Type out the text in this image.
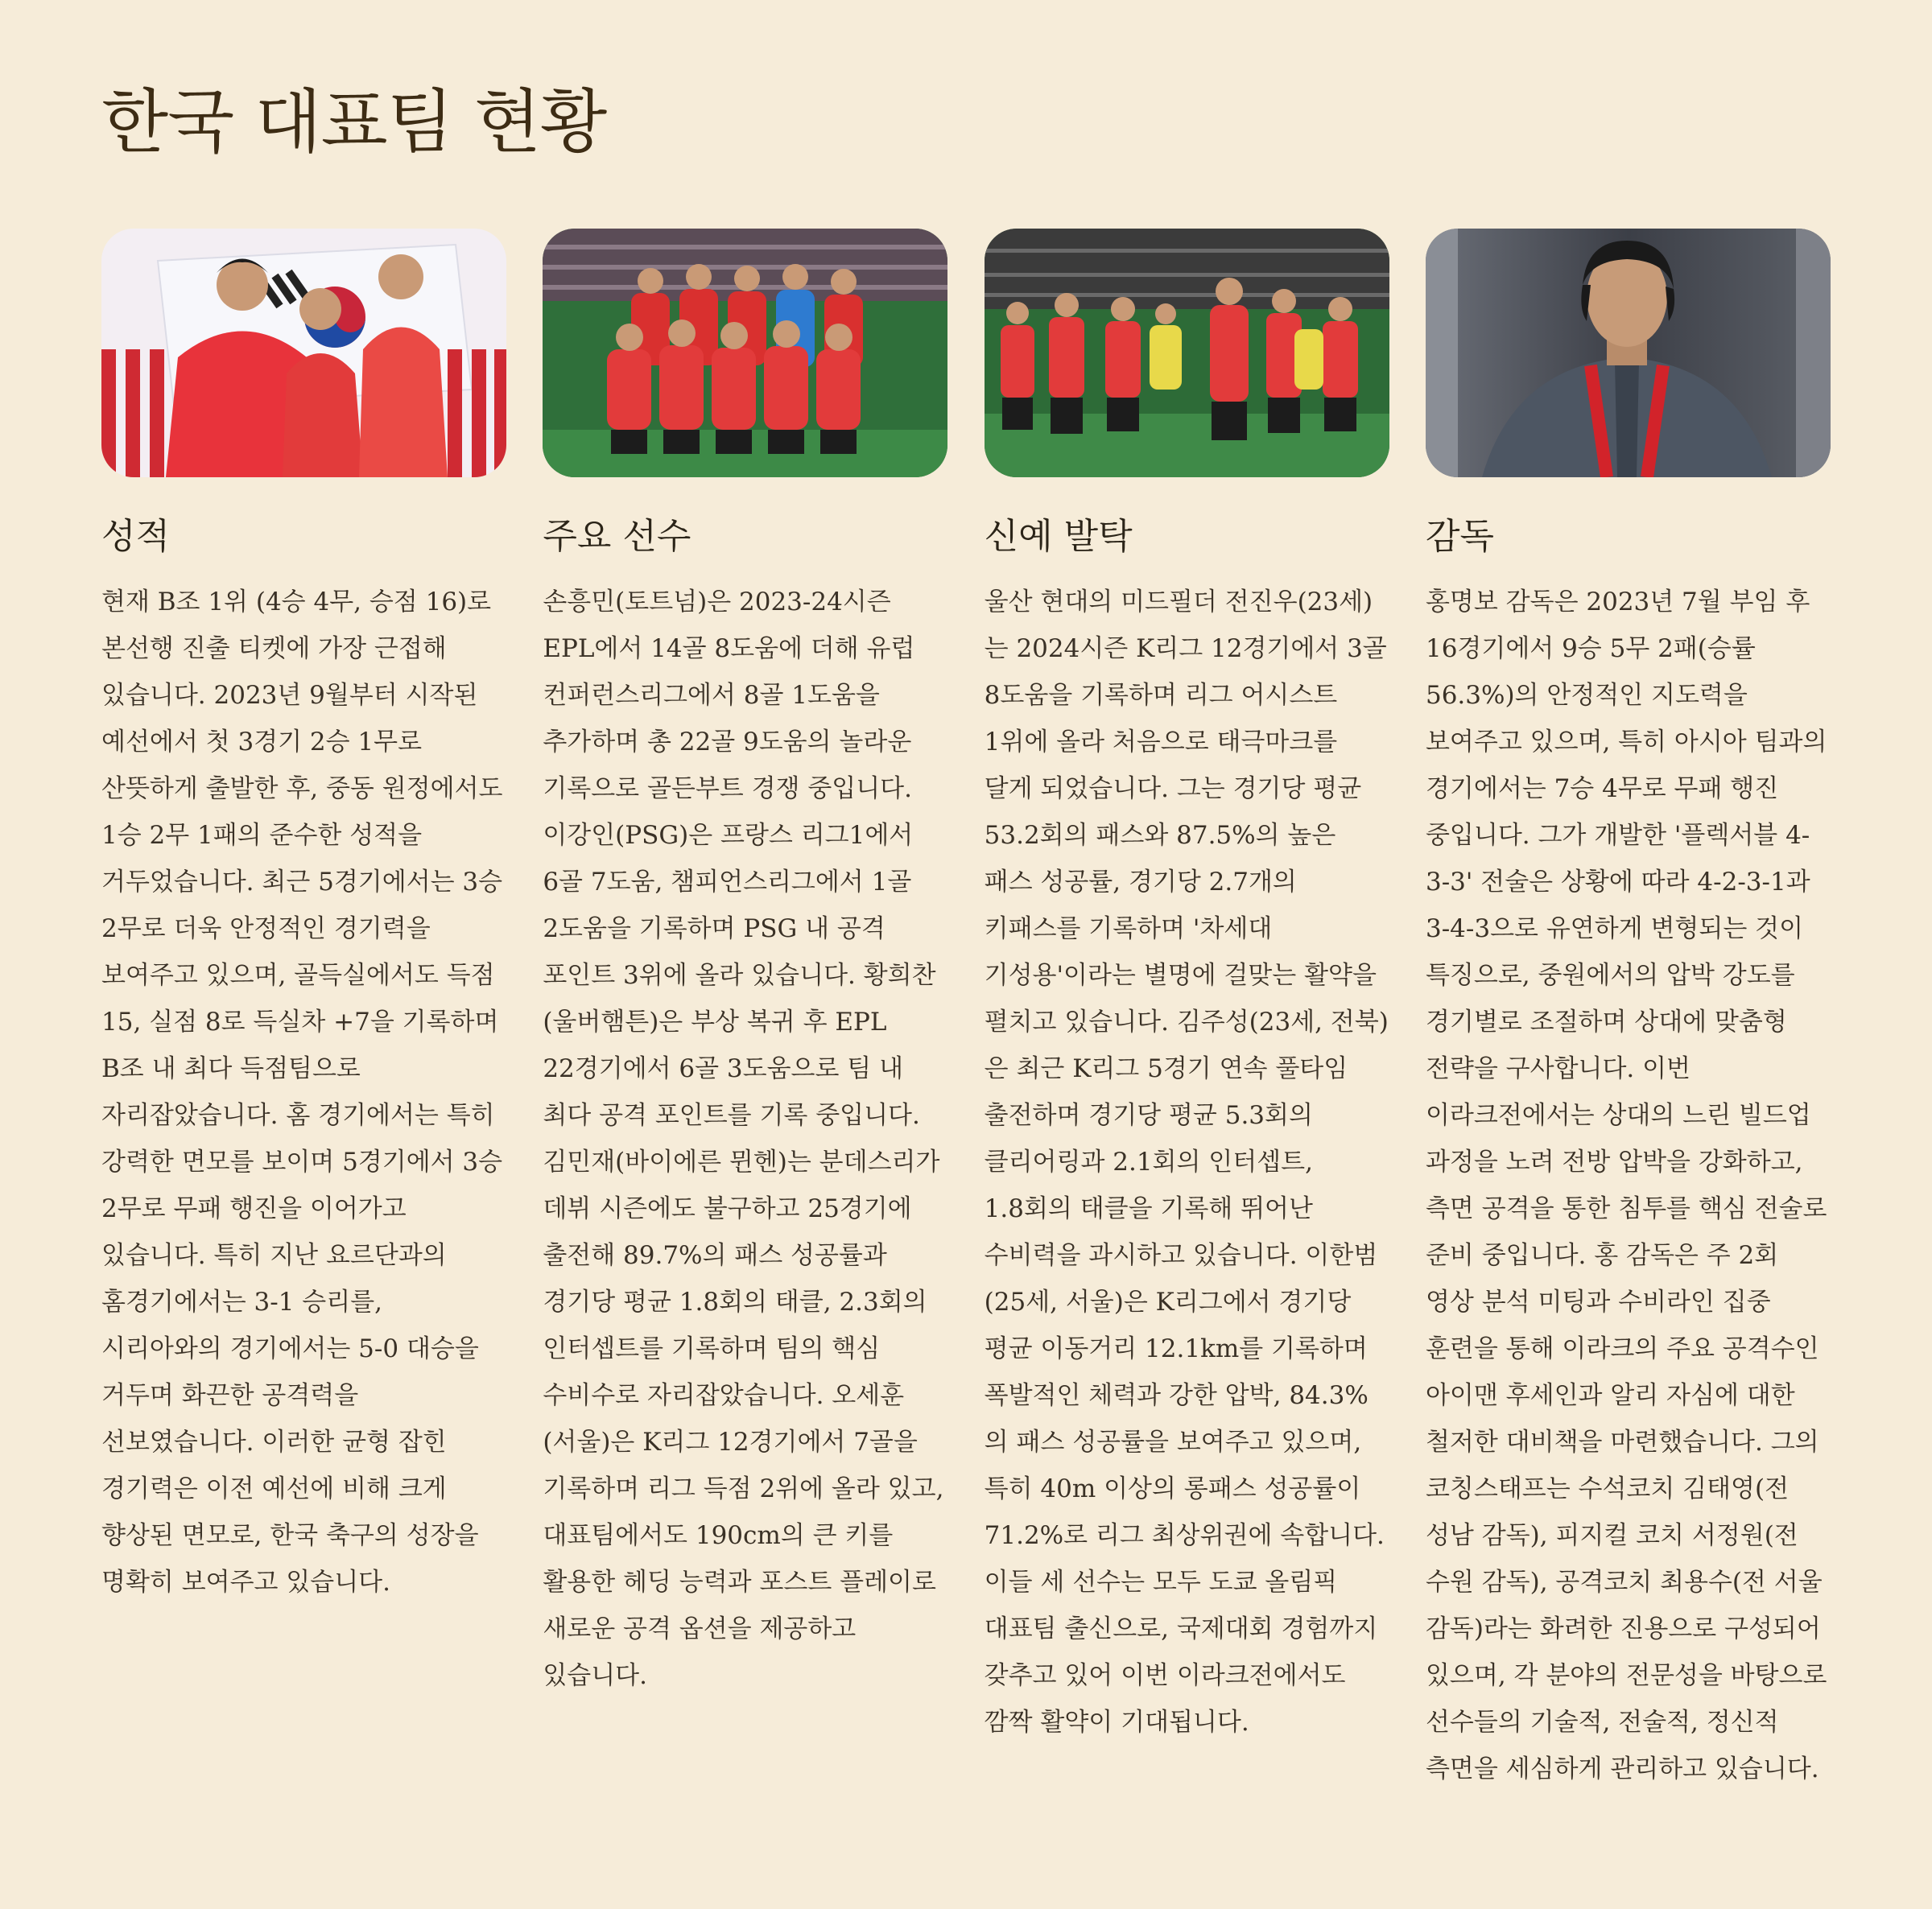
한국 대표팀 현황
성적

현재 B조 1위 (4승 4무, 승점 16)로 본선행 진출 티켓에 가장 근접해 있습니다. 2023년 9월부터 시작된 예선에서 첫 3경기 2승 1무로 산뜻하게 출발한 후, 중동 원정에서도 1승 2무 1패의 준수한 성적을 거두었습니다. 최근 5경기에서는 3승 2무로 더욱 안정적인 경기력을 보여주고 있으며, 골득실에서도 득점 15, 실점 8로 득실차 +7을 기록하며 B조 내 최다 득점팀으로 자리잡았습니다. 홈 경기에서는 특히 강력한 면모를 보이며 5경기에서 3승 2무로 무패 행진을 이어가고 있습니다. 특히 지난 요르단과의 홈경기에서는 3-1 승리를, 시리아와의 경기에서는 5-0 대승을 거두며 화끈한 공격력을 선보였습니다. 이러한 균형 잡힌 경기력은 이전 예선에 비해 크게 향상된 면모로, 한국 축구의 성장을 명확히 보여주고 있습니다.

주요 선수

손흥민(토트넘)은 2023-24시즌 EPL에서 14골 8도움에 더해 유럽 컨퍼런스리그에서 8골 1도움을 추가하며 총 22골 9도움의 놀라운 기록으로 골든부트 경쟁 중입니다. 이강인(PSG)은 프랑스 리그1에서 6골 7도움, 챔피언스리그에서 1골 2도움을 기록하며 PSG 내 공격 포인트 3위에 올라 있습니다. 황희찬(울버햄튼)은 부상 복귀 후 EPL 22경기에서 6골 3도움으로 팀 내 최다 공격 포인트를 기록 중입니다. 김민재(바이에른 뮌헨)는 분데스리가 데뷔 시즌에도 불구하고 25경기에 출전해 89.7%의 패스 성공률과 경기당 평균 1.8회의 태클, 2.3회의 인터셉트를 기록하며 팀의 핵심 수비수로 자리잡았습니다. 오세훈(서울)은 K리그 12경기에서 7골을 기록하며 리그 득점 2위에 올라 있고, 대표팀에서도 190cm의 큰 키를 활용한 헤딩 능력과 포스트 플레이로 새로운 공격 옵션을 제공하고 있습니다.

신예 발탁

울산 현대의 미드필더 전진우(23세)는 2024시즌 K리그 12경기에서 3골 8도움을 기록하며 리그 어시스트 1위에 올라 처음으로 태극마크를 달게 되었습니다. 그는 경기당 평균 53.2회의 패스와 87.5%의 높은 패스 성공률, 경기당 2.7개의 키패스를 기록하며 '차세대 기성용'이라는 별명에 걸맞는 활약을 펼치고 있습니다. 김주성(23세, 전북)은 최근 K리그 5경기 연속 풀타임 출전하며 경기당 평균 5.3회의 클리어링과 2.1회의 인터셉트, 1.8회의 태클을 기록해 뛰어난 수비력을 과시하고 있습니다. 이한범(25세, 서울)은 K리그에서 경기당 평균 이동거리 12.1km를 기록하며 폭발적인 체력과 강한 압박, 84.3%의 패스 성공률을 보여주고 있으며, 특히 40m 이상의 롱패스 성공률이 71.2%로 리그 최상위권에 속합니다. 이들 세 선수는 모두 도쿄 올림픽 대표팀 출신으로, 국제대회 경험까지 갖추고 있어 이번 이라크전에서도 깜짝 활약이 기대됩니다.

감독

홍명보 감독은 2023년 7월 부임 후 16경기에서 9승 5무 2패(승률 56.3%)의 안정적인 지도력을 보여주고 있으며, 특히 아시아 팀과의 경기에서는 7승 4무로 무패 행진 중입니다. 그가 개발한 '플렉서블 4-3-3' 전술은 상황에 따라 4-2-3-1과 3-4-3으로 유연하게 변형되는 것이 특징으로, 중원에서의 압박 강도를 경기별로 조절하며 상대에 맞춤형 전략을 구사합니다. 이번 이라크전에서는 상대의 느린 빌드업 과정을 노려 전방 압박을 강화하고, 측면 공격을 통한 침투를 핵심 전술로 준비 중입니다. 홍 감독은 주 2회 영상 분석 미팅과 수비라인 집중 훈련을 통해 이라크의 주요 공격수인 아이맨 후세인과 알리 자심에 대한 철저한 대비책을 마련했습니다. 그의 코칭스태프는 수석코치 김태영(전 성남 감독), 피지컬 코치 서정원(전 수원 감독), 공격코치 최용수(전 서울 감독)라는 화려한 진용으로 구성되어 있으며, 각 분야의 전문성을 바탕으로 선수들의 기술적, 전술적, 정신적 측면을 세심하게 관리하고 있습니다.
